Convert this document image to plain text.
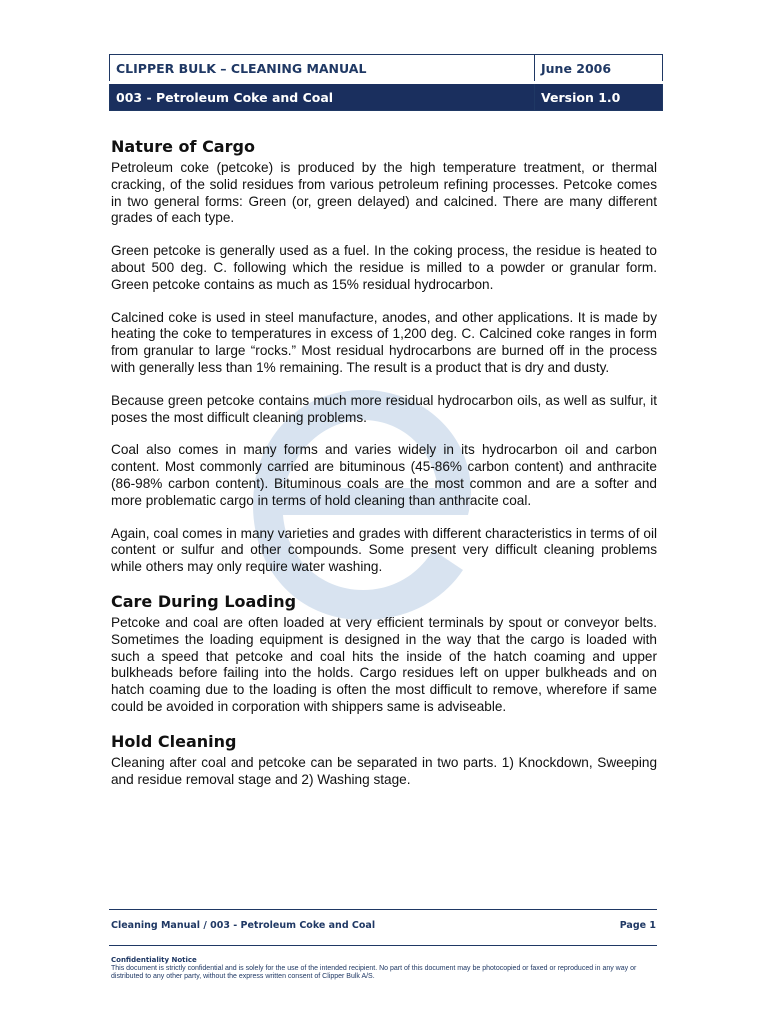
CLIPPER BULK – CLEANING MANUAL	June 2006
003 - Petroleum Coke and Coal	Version 1.0
Nature of Cargo

Petroleum coke (petcoke) is produced by the high temperature treatment, or thermal cracking, of the solid residues from various petroleum refining processes. Petcoke comes in two general forms: Green (or, green delayed) and calcined. There are many different grades of each type.

Green petcoke is generally used as a fuel. In the coking process, the residue is heated to about 500 deg. C. following which the residue is milled to a powder or granular form. Green petcoke contains as much as 15% residual hydrocarbon.

Calcined coke is used in steel manufacture, anodes, and other applications. It is made by heating the coke to temperatures in excess of 1,200 deg. C. Calcined coke ranges in form from granular to large “rocks.” Most residual hydrocarbons are burned off in the process with generally less than 1% remaining. The result is a product that is dry and dusty.

Because green petcoke contains much more residual hydrocarbon oils, as well as sulfur, it poses the most difficult cleaning problems.

Coal also comes in many forms and varies widely in its hydrocarbon oil and carbon content. Most commonly carried are bituminous (45-86% carbon content) and anthracite (86-98% carbon content). Bituminous coals are the most common and are a softer and more problematic cargo in terms of hold cleaning than anthracite coal.

Again, coal comes in many varieties and grades with different characteristics in terms of oil content or sulfur and other compounds. Some present very difficult cleaning problems while others may only require water washing.

Care During Loading

Petcoke and coal are often loaded at very efficient terminals by spout or conveyor belts. Sometimes the loading equipment is designed in the way that the cargo is loaded with such a speed that petcoke and coal hits the inside of the hatch coaming and upper bulkheads before failing into the holds. Cargo residues left on upper bulkheads and on hatch coaming due to the loading is often the most difficult to remove, wherefore if same could be avoided in corporation with shippers same is adviseable.

Hold Cleaning

Cleaning after coal and petcoke can be separated in two parts. 1) Knockdown, Sweeping and residue removal stage and 2) Washing stage.

Cleaning Manual / 003 - Petroleum Coke and Coal	Page 1
Confidentiality Notice
This document is strictly confidential and is solely for the use of the intended recipient. No part of this document may be photocopied or faxed or reproduced in any way or distributed to any other party, without the express written consent of Clipper Bulk A/S.
